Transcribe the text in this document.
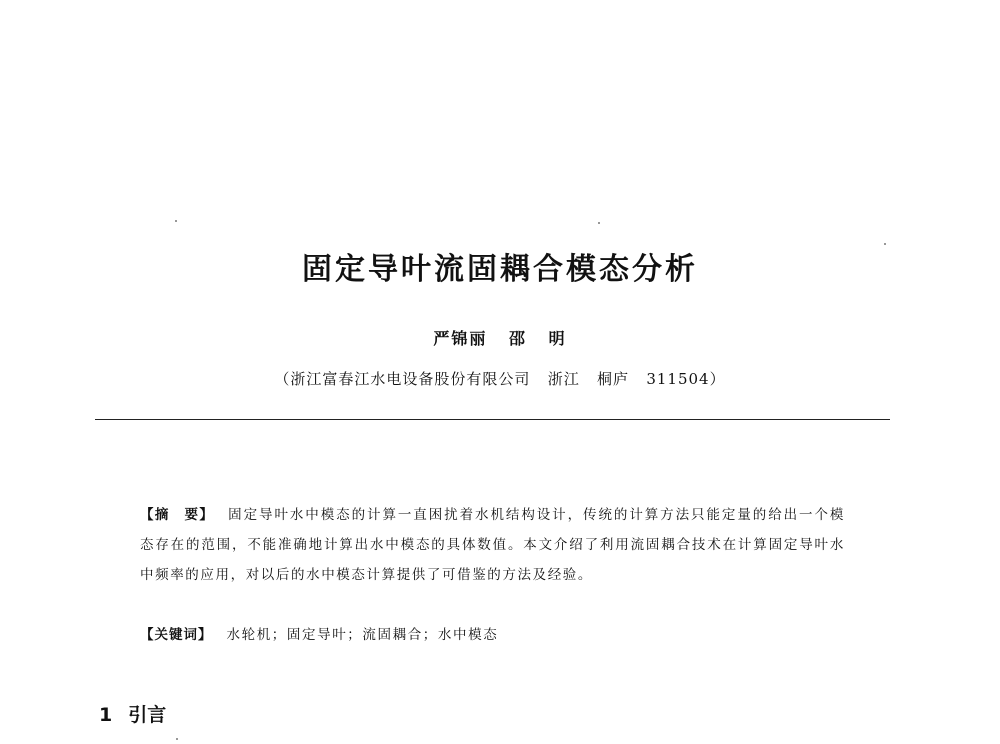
固定导叶流固耦合模态分析
严锦丽 邵 明
（浙江富春江水电设备股份有限公司   浙江   桐庐   311504）
【摘　要】 固定导叶水中模态的计算一直困扰着水机结构设计，传统的计算方法只能定量的给出一个模态存在的范围，不能准确地计算出水中模态的具体数值。本文介绍了利用流固耦合技术在计算固定导叶水中频率的应用，对以后的水中模态计算提供了可借鉴的方法及经验。
【关键词】 水轮机；固定导叶；流固耦合；水中模态
1 引言
